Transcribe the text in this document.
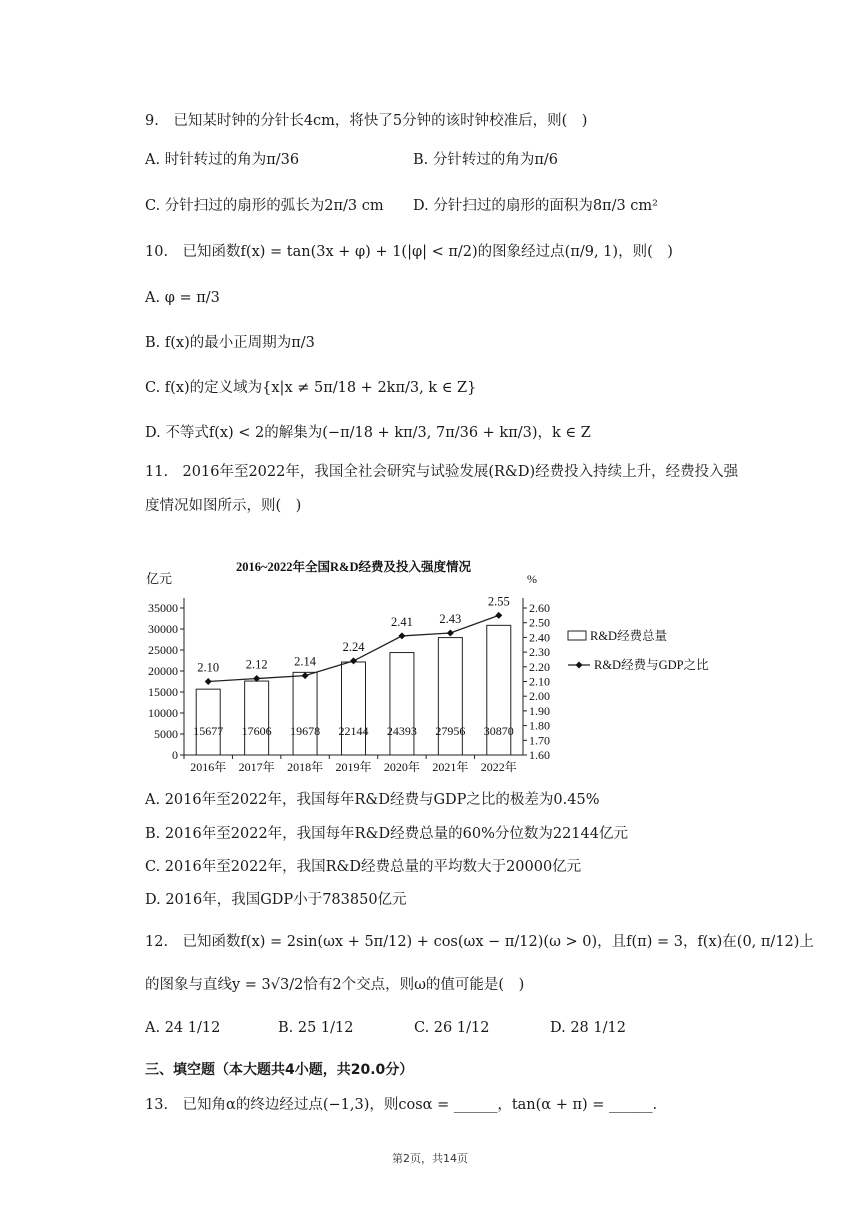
9.　已知某时钟的分针长4cm，将快了5分钟的该时钟校准后，则(　)
A. 时针转过的角为π/36	B. 分针转过的角为π/6
C. 分针扫过的扇形的弧长为2π/3 cm D. 分针扫过的扇形的面积为8π/3 cm²
10.　已知函数f(x) = tan(3x + φ) + 1(|φ| < π/2)的图象经过点(π/9, 1)，则(　)
A. φ = π/3
B. f(x)的最小正周期为π/3
C. f(x)的定义域为{x|x ≠ 5π/18 + 2kπ/3, k ∈ Z}
D. 不等式f(x) < 2的解集为(−π/18 + kπ/3, 7π/36 + kπ/3)，k ∈ Z
11.　2016年至2022年，我国全社会研究与试验发展(R&D)经费投入持续上升，经费投入强
度情况如图所示，则(　)
2016~2022年全国R&D经费及投入强度情况
亿元	%
0
5000
10000
15000
20000
25000
30000
35000
1.60
1.70
1.80
1.90
2.00
2.10
2.20
2.30
2.40
2.50
2.60
15677 17606 19678 22144 24393 27956 30870
2016年 2017年 2018年 2019年 2020年 2021年 2022年
2.10 2.12 2.14
2.24
2.41 2.43
2.55
R&D经费总量
R&D经费与GDP之比
A. 2016年至2022年，我国每年R&D经费与GDP之比的极差为0.45%
B. 2016年至2022年，我国每年R&D经费总量的60%分位数为22144亿元
C. 2016年至2022年，我国R&D经费总量的平均数大于20000亿元
D. 2016年，我国GDP小于783850亿元
12.　已知函数f(x) = 2sin(ωx + 5π/12) + cos(ωx − π/12)(ω > 0)，且f(π) = 3，f(x)在(0, π/12)上
的图象与直线y = 3√3/2恰有2个交点，则ω的值可能是(　)
A. 24 1/12	B. 25 1/12	C. 26 1/12	D. 28 1/12
三、填空题（本大题共4小题，共20.0分）
13.　已知角α的终边经过点(−1,3)，则cosα = ______，tan(α + π) = ______.
第2页，共14页
